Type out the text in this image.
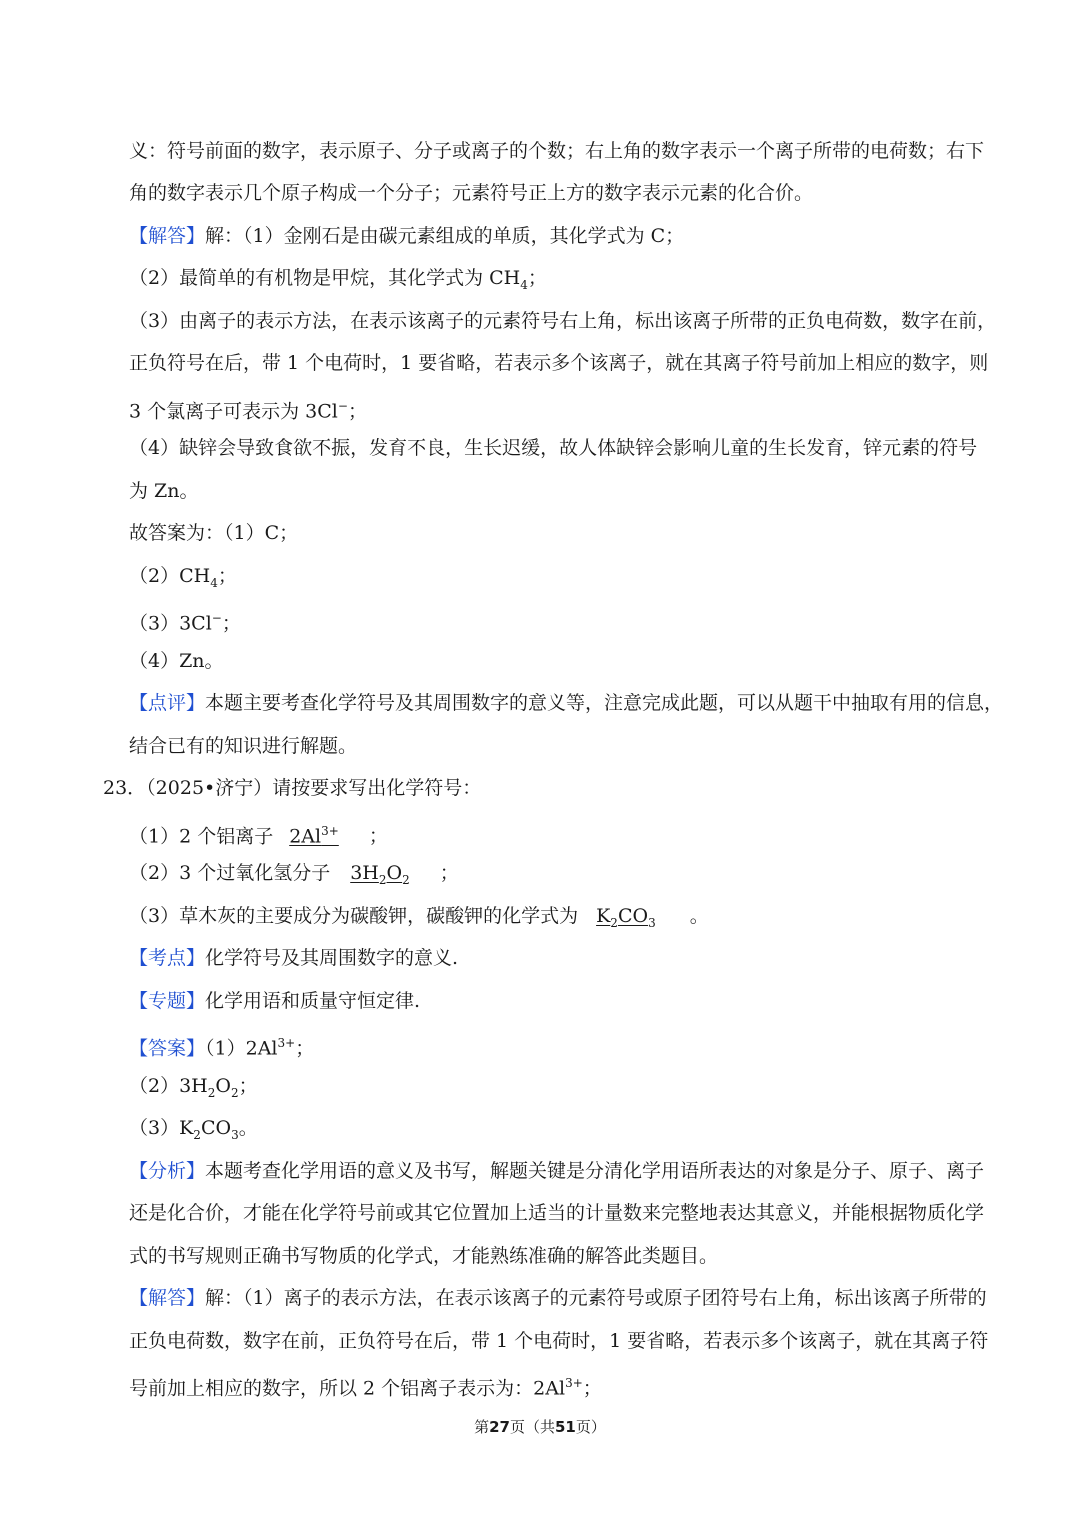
义：符号前面的数字，表示原子、分子或离子的个数；右上角的数字表示一个离子所带的电荷数；右下
角的数字表示几个原子构成一个分子；元素符号正上方的数字表示元素的化合价。
【解答】解：（1）金刚石是由碳元素组成的单质，其化学式为 C；
（2）最简单的有机物是甲烷，其化学式为 $CH_4$；
（3）由离子的表示方法，在表示该离子的元素符号右上角，标出该离子所带的正负电荷数，数字在前，
正负符号在后，带 1 个电荷时，1 要省略，若表示多个该离子，就在其离子符号前加上相应的数字，则
3 个氯离子可表示为 3Cl−；
（4）缺锌会导致食欲不振，发育不良，生长迟缓，故人体缺锌会影响儿童的生长发育，锌元素的符号
为 Zn。
故答案为：（1）C；
$(2)CH_4$；
（3）3Cl−；
（4）Zn。
【点评】本题主要考查化学符号及其周围数字的意义等，注意完成此题，可以从题干中抽取有用的信息，
结合已有的知识进行解题。
23．（2025•济宁）请按要求写出化学符号：
（1）2 个铝离子 $2Al^{3+}$ ；
（2）3 个过氧化氢分子 $3H_2O_2$ ；
（3）草木灰的主要成分为碳酸钾，碳酸钾的化学式为 $K_2CO_3$ 。
【考点】化学符号及其周围数字的意义.
【专题】化学用语和质量守恒定律.
【答案】$(1)2Al^{3+}$；
$(2)3H_2O_2$；
$(3)K_2CO_3$。
【分析】本题考查化学用语的意义及书写，解题关键是分清化学用语所表达的对象是分子、原子、离子
还是化合价，才能在化学符号前或其它位置加上适当的计量数来完整地表达其意义，并能根据物质化学
式的书写规则正确书写物质的化学式，才能熟练准确的解答此类题目。
【解答】解：（1）离子的表示方法，在表示该离子的元素符号或原子团符号右上角，标出该离子所带的
正负电荷数，数字在前，正负符号在后，带 1 个电荷时，1 要省略，若表示多个该离子，就在其离子符
号前加上相应的数字，所以 2 个铝离子表示为：$2Al^{3+}$；
第27页（共51页）
